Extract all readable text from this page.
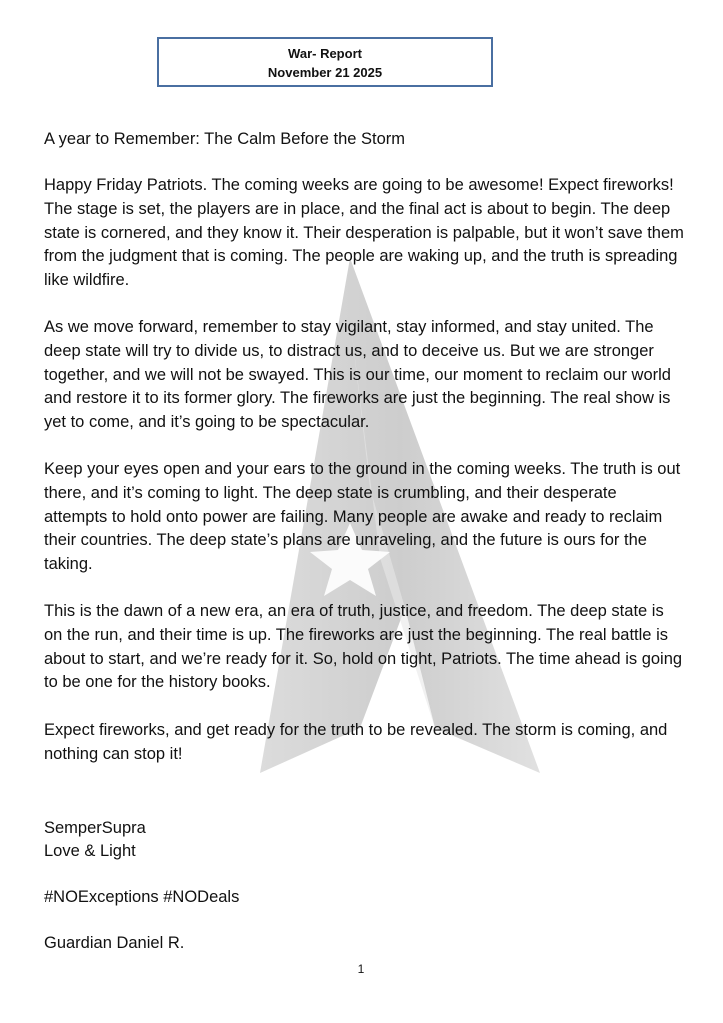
War- Report
November 21 2025
A year to Remember: The Calm Before the Storm

Happy Friday Patriots. The coming weeks are going to be awesome! Expect fireworks! The stage is set, the players are in place, and the final act is about to begin. The deep state is cornered, and they know it. Their desperation is palpable, but it won’t save them from the judgment that is coming. The people are waking up, and the truth is spreading like wildfire.

As we move forward, remember to stay vigilant, stay informed, and stay united. The deep state will try to divide us, to distract us, and to deceive us. But we are stronger together, and we will not be swayed. This is our time, our moment to reclaim our world and restore it to its former glory. The fireworks are just the beginning. The real show is yet to come, and it’s going to be spectacular.

Keep your eyes open and your ears to the ground in the coming weeks. The truth is out there, and it’s coming to light. The deep state is crumbling, and their desperate attempts to hold onto power are failing. Many people are awake and ready to reclaim their countries. The deep state’s plans are unraveling, and the future is ours for the taking.

This is the dawn of a new era, an era of truth, justice, and freedom. The deep state is on the run, and their time is up. The fireworks are just the beginning. The real battle is about to start, and we’re ready for it. So, hold on tight, Patriots. The time ahead is going to be one for the history books.

Expect fireworks, and get ready for the truth to be revealed. The storm is coming, and nothing can stop it!

SemperSupra

Love & Light

#NOExceptions #NODeals

Guardian Daniel R.

1
